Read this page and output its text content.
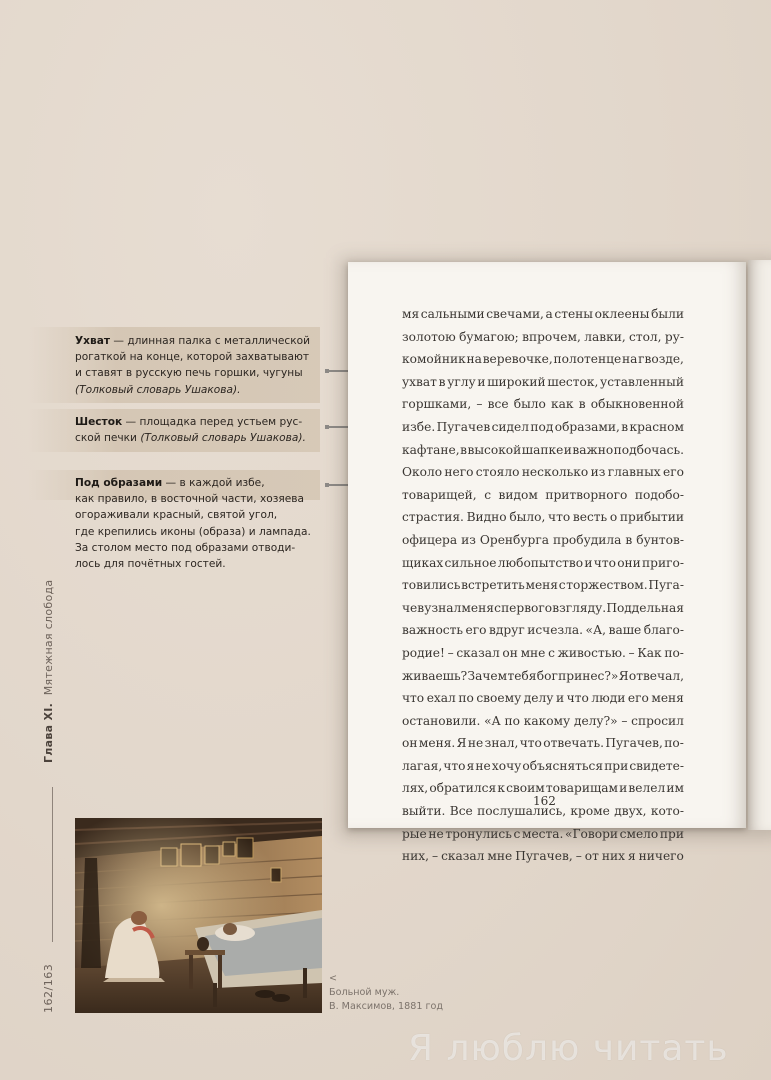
Ухват — длинная палка с металлической
рогаткой на конце, которой захватывают
и ставят в русскую печь горшки, чугуны
(Толковый словарь Ушакова).
Шесток — площадка перед устьем рус-
ской печки (Толковый словарь Ушакова).
Под образами — в каждой избе,
как правило, в восточной части, хозяева
огораживали красный, святой угол,
где крепились иконы (образа) и лампада.
За столом место под образами отводи-
лось для почётных гостей.
мя сальными свечами, а стены оклеены были
золотою бумагою; впрочем, лавки, стол, ру-
комойник на веревочке, полотенце на гвозде,
ухват в углу и широкий шесток, уставленный
горшками, – все было как в обыкновенной
избе. Пугачев сидел под образами, в красном
кафтане, в высокой шапке и важно подбочась.
Около него стояло несколько из главных его
товарищей, с видом притворного подобо-
страстия. Видно было, что весть о прибытии
офицера из Оренбурга пробудила в бунтов-
щиках сильное любопытство и что они приго-
товились встретить меня с торжеством. Пуга-
чев узнал меня с первого взгляду. Поддельная
важность его вдруг исчезла. «А, ваше благо-
родие! – сказал он мне с живостью. – Как по-
живаешь? Зачем тебя бог принес?» Я отвечал,
что ехал по своему делу и что люди его меня
остановили. «А по какому делу?» – спросил
он меня. Я не знал, что отвечать. Пугачев, по-
лагая, что я не хочу объясняться при свидете-
лях, обратился к своим товарищам и велел им
выйти. Все послушались, кроме двух, кото-
рые не тронулись с места. «Говори смело при
них, – сказал мне Пугачев, – от них я ничего
162
Глава XI.  Мятежная слобода
162/163	<
Больной муж.
В. Максимов, 1881 год
Я люблю читать
